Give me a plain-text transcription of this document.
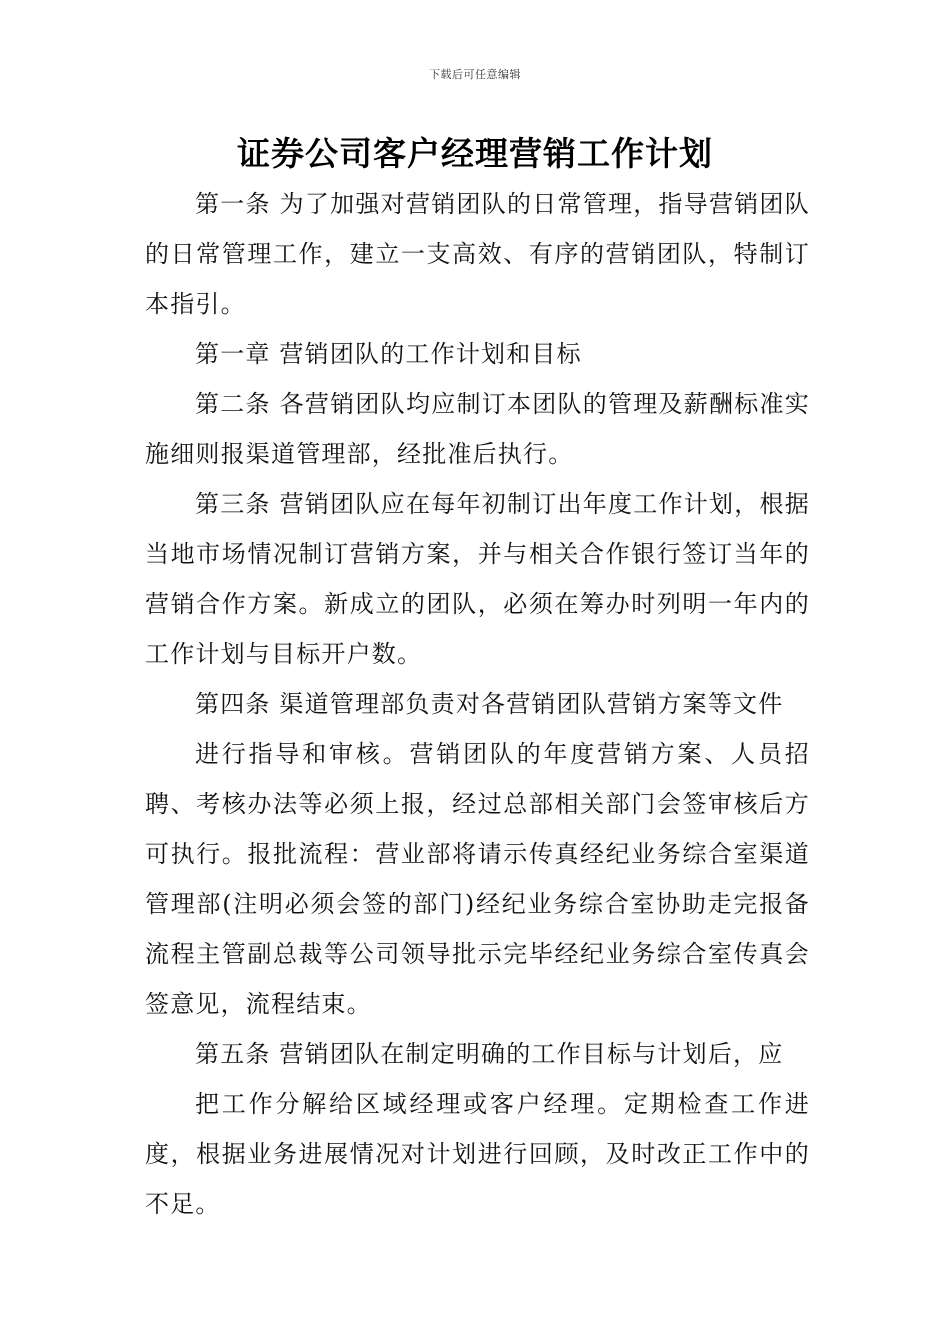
下载后可任意编辑
证券公司客户经理营销工作计划

第一条 为了加强对营销团队的日常管理，指导营销团队的日常管理工作，建立一支高效、有序的营销团队，特制订本指引。

第一章 营销团队的工作计划和目标

第二条 各营销团队均应制订本团队的管理及薪酬标准实施细则报渠道管理部，经批准后执行。

第三条 营销团队应在每年初制订出年度工作计划，根据当地市场情况制订营销方案，并与相关合作银行签订当年的营销合作方案。新成立的团队，必须在筹办时列明一年内的工作计划与目标开户数。

第四条 渠道管理部负责对各营销团队营销方案等文件

进行指导和审核。营销团队的年度营销方案、人员招聘、考核办法等必须上报，经过总部相关部门会签审核后方可执行。报批流程：营业部将请示传真经纪业务综合室渠道管理部(注明必须会签的部门)经纪业务综合室协助走完报备流程主管副总裁等公司领导批示完毕经纪业务综合室传真会签意见，流程结束。

第五条 营销团队在制定明确的工作目标与计划后，应

把工作分解给区域经理或客户经理。定期检查工作进度，根据业务进展情况对计划进行回顾，及时改正工作中的不足。
